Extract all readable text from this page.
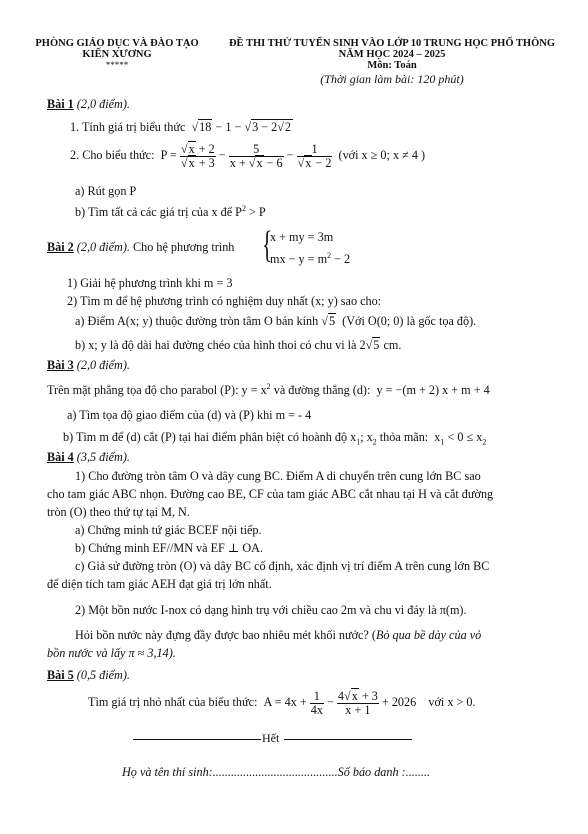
PHÒNG GIÁO DỤC VÀ ĐÀO TẠO
KIẾN XƯƠNG
*****
ĐỀ THI THỬ TUYỂN SINH VÀO LỚP 10 TRUNG HỌC PHỔ THÔNG
NĂM HỌC 2024 – 2025
Môn: Toán
(Thời gian làm bài: 120 phút)
Bài 1 (2,0 điểm).
1. Tính giá trị biểu thức  √18 − 1 − √3 − 2√2
2. Cho biểu thức:  $P = \frac{√x + 2}{√x + 3} - \frac{5}{x + √x - 6} - \frac{1}{√x - 2}$ (với x ≥ 0; x ≠ 4 )
a) Rút gọn P
b) Tìm tất cả các giá trị của x để $P^2 > P$
Bài 2 (2,0 điểm). Cho hệ phương trình {
x + my = 3m
mx − $y = m^2 - 2$
1) Giải hệ phương trình khi m = 3
2) Tìm m để hệ phương trình có nghiệm duy nhất (x; y) sao cho:
a) Điểm A(x; y) thuộc đường tròn tâm O bán kính √5 (Với O(0; 0) là gốc tọa độ).
b) x; y là độ dài hai đường chéo của hình thoi có chu vi là 2√5 cm.
Bài 3 (2,0 điểm).
Trên mặt phẳng tọa độ cho parabol (P): $y = x^2$ và đường thẳng (d): y = −(m + 2) x + m + 4
a) Tìm tọa độ giao điểm của (d) và (P) khi m = - 4
b) Tìm m để (d) cắt (P) tại hai điểm phân biệt có hoành độ $x_1$; $x_2$ thỏa mãn:  $x_1 < 0 \le x_2$
Bài 4 (3,5 điểm).
1) Cho đường tròn tâm O và dây cung BC. Điểm A di chuyển trên cung lớn BC sao
cho tam giác ABC nhọn. Đường cao BE, CF của tam giác ABC cắt nhau tại H và cắt đường
tròn (O) theo thứ tự tại M, N.
a) Chứng minh tứ giác BCEF nội tiếp.
b) Chứng minh EF//MN và EF ⊥ OA.
c) Giả sử đường tròn (O) và dây BC cố định, xác định vị trí điểm A trên cung lớn BC
để diện tích tam giác AEH đạt giá trị lớn nhất.
2) Một bồn nước I-nox có dạng hình trụ với chiều cao 2m và chu vi đáy là π(m).
Hỏi bồn nước này đựng đầy được bao nhiêu mét khối nước? (Bỏ qua bề dày của vỏ
bồn nước và lấy π ≈ 3,14).
Bài 5 (0,5 điểm).
Tìm giá trị nhỏ nhất của biểu thức:  $A = 4x + \frac{1}{4x} - \frac{4√x + 3}{x + 1} + 2026$    với x > 0.
Hết
Họ và tên thí sinh:.........................................Số báo danh :........
